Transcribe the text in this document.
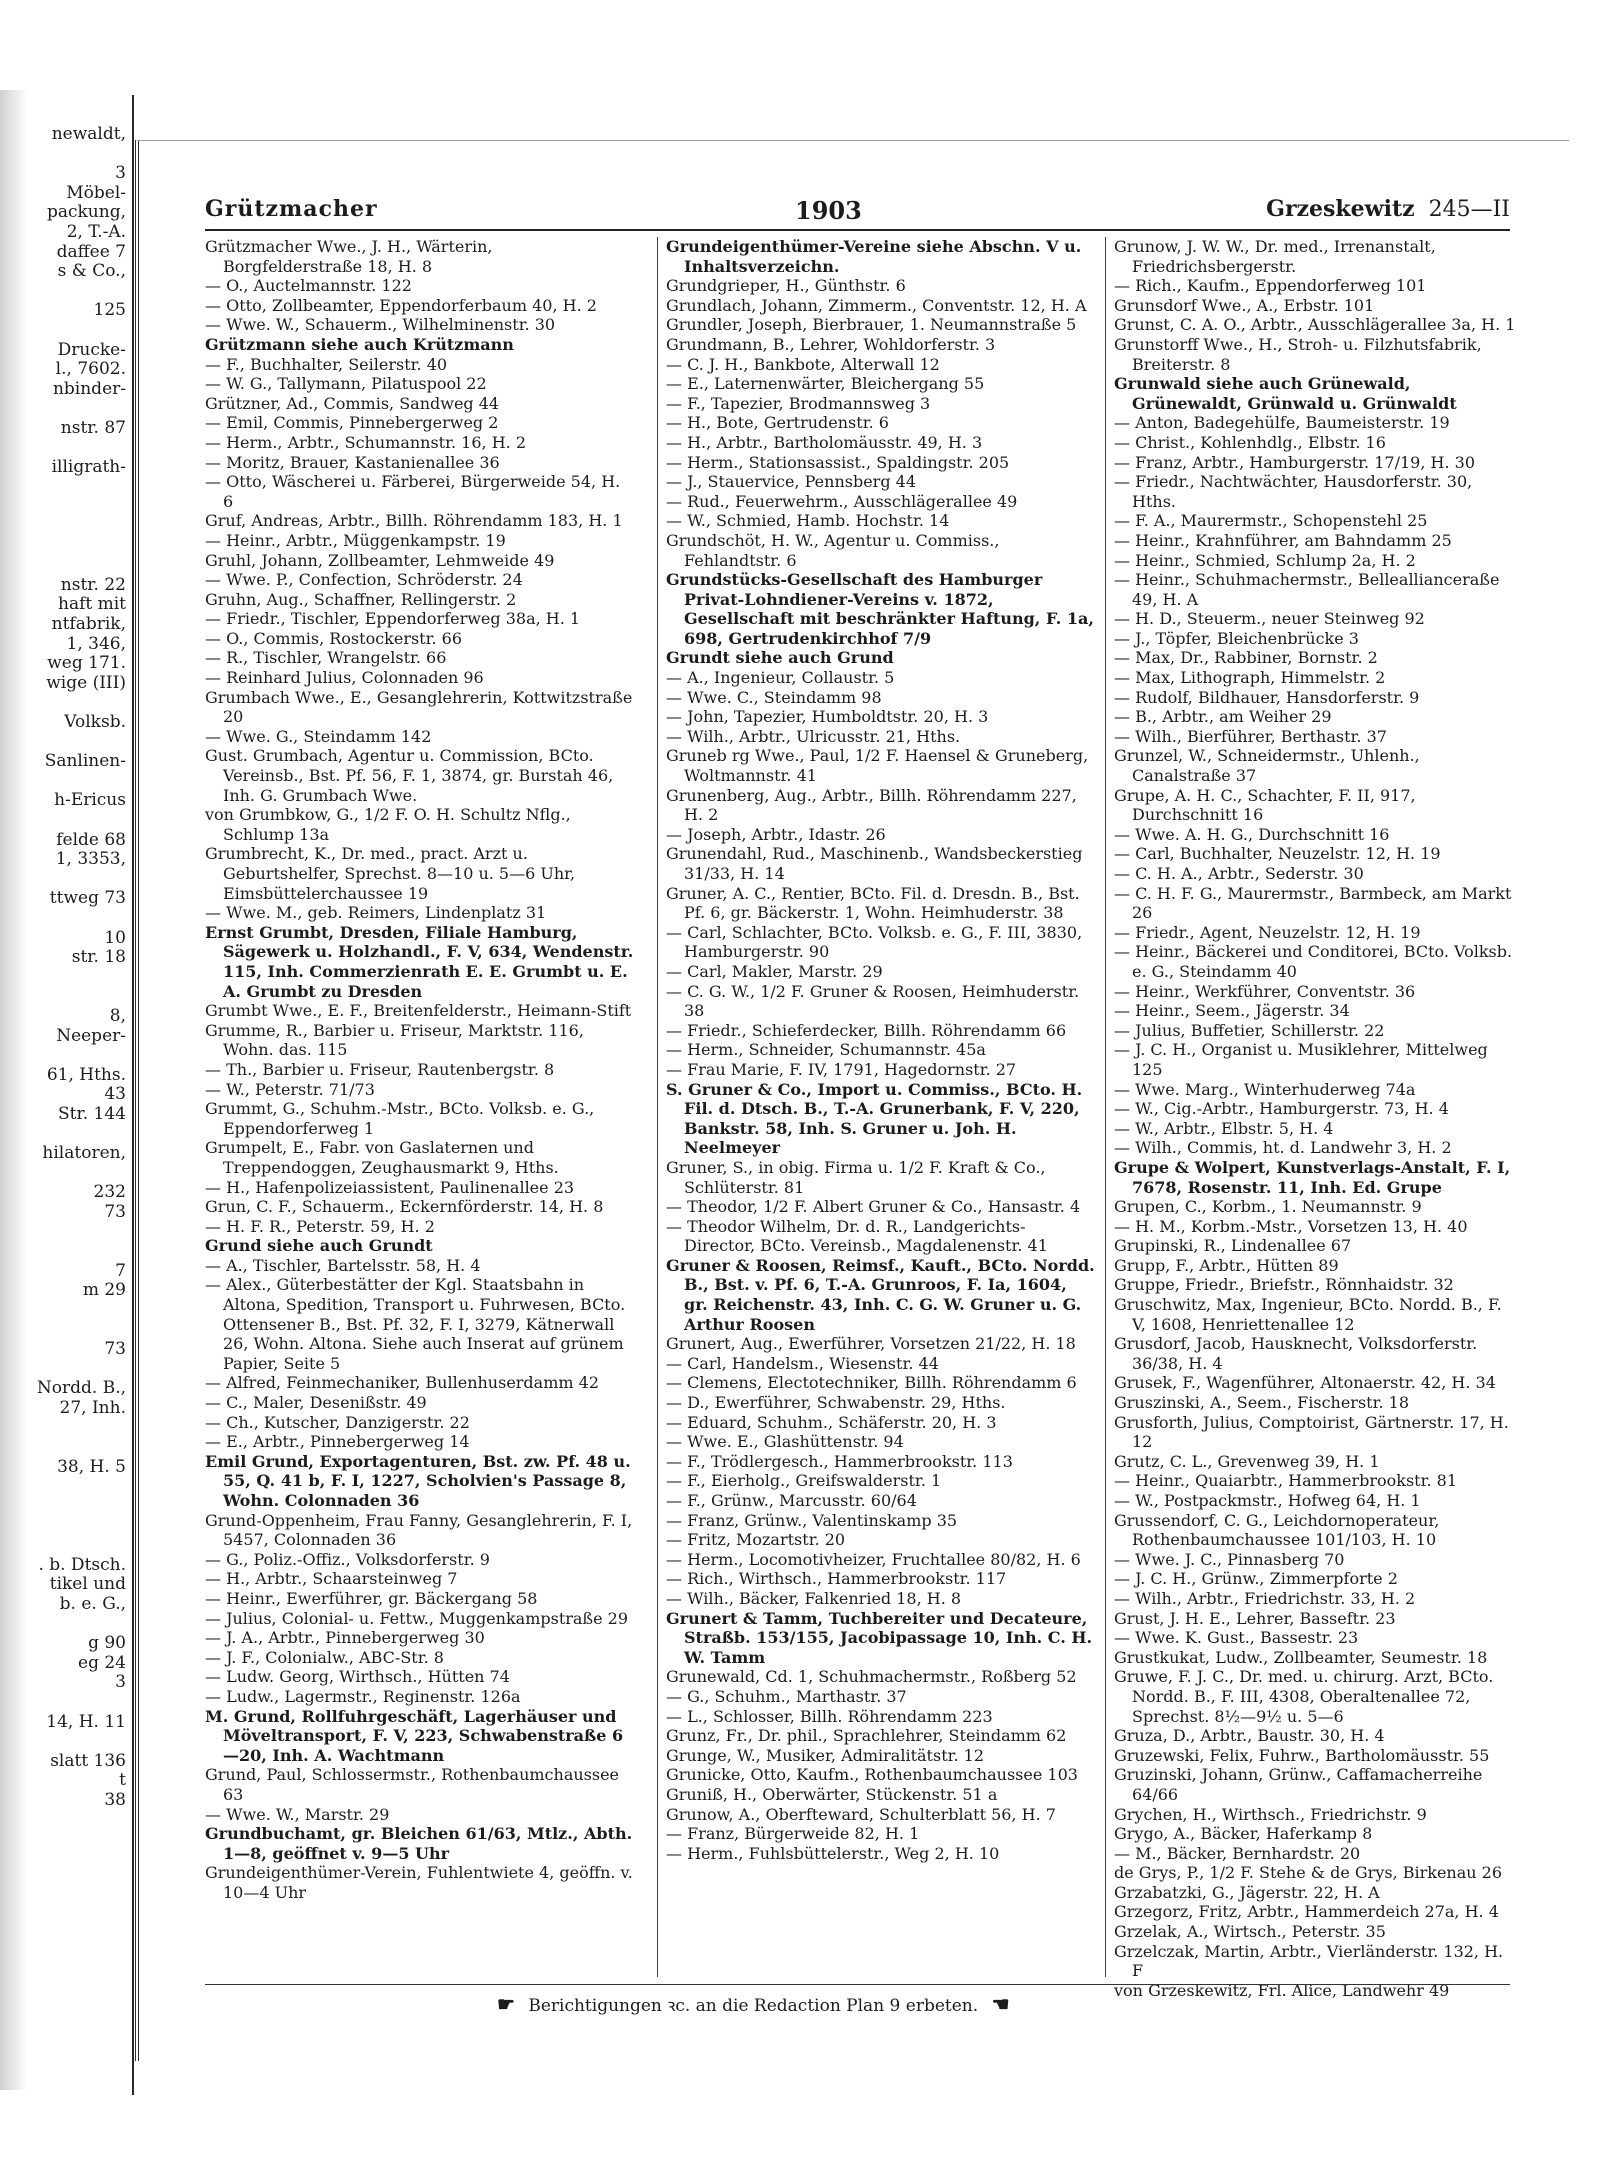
newaldt,
3
Möbel-
packung,
2, T.-A.
daffee 7
s & Co.,
125
Drucke-
l., 7602.
nbinder-
nstr. 87
illigrath-
nstr. 22
haft mit
ntfabrik,
1, 346,
weg 171.
wige (III)
Volksb.
Sanlinen-
h-Ericus
felde 68
1, 3353,
ttweg 73
10
str. 18
8,
Neeper-
61, Hths.
43
Str. 144
hilatoren,
232
73
7
m 29
73
Nordd. B.,
27, Inh.
38, H. 5
. b. Dtsch.
tikel und
b. e. G.,
g 90
eg 24
3
14, H. 11
slatt 136
t
38
Grützmacher	1903	Grzeskewitz 245—II

Grützmacher Wwe., J. H., Wärterin, Borgfelderstraße 18, H. 8

— O., Auctelmannstr. 122

— Otto, Zollbeamter, Eppendorferbaum 40, H. 2

— Wwe. W., Schauerm., Wilhelminenstr. 30

Grützmann siehe auch Krützmann

— F., Buchhalter, Seilerstr. 40

— W. G., Tallymann, Pilatuspool 22

Grützner, Ad., Commis, Sandweg 44

— Emil, Commis, Pinnebergerweg 2

— Herm., Arbtr., Schumannstr. 16, H. 2

— Moritz, Brauer, Kastanienallee 36

— Otto, Wäscherei u. Färberei, Bürgerweide 54, H. 6

Gruf, Andreas, Arbtr., Billh. Röhrendamm 183, H. 1

— Heinr., Arbtr., Müggenkampstr. 19

Gruhl, Johann, Zollbeamter, Lehmweide 49

— Wwe. P., Confection, Schröderstr. 24

Gruhn, Aug., Schaffner, Rellingerstr. 2

— Friedr., Tischler, Eppendorferweg 38a, H. 1

— O., Commis, Rostockerstr. 66

— R., Tischler, Wrangelstr. 66

— Reinhard Julius, Colonnaden 96

Grumbach Wwe., E., Gesanglehrerin, Kottwitzstraße 20

— Wwe. G., Steindamm 142

Gust. Grumbach, Agentur u. Commission, BCto. Vereinsb., Bst. Pf. 56, F. 1, 3874, gr. Burstah 46, Inh. G. Grumbach Wwe.

von Grumbkow, G., 1/2 F. O. H. Schultz Nflg., Schlump 13a

Grumbrecht, K., Dr. med., pract. Arzt u. Geburtshelfer, Sprechst. 8—10 u. 5—6 Uhr, Eimsbüttelerchaussee 19

— Wwe. M., geb. Reimers, Lindenplatz 31

Ernst Grumbt, Dresden, Filiale Hamburg, Sägewerk u. Holzhandl., F. V, 634, Wendenstr. 115, Inh. Commerzienrath E. E. Grumbt u. E. A. Grumbt zu Dresden

Grumbt Wwe., E. F., Breitenfelderstr., Heimann-Stift

Grumme, R., Barbier u. Friseur, Marktstr. 116, Wohn. das. 115

— Th., Barbier u. Friseur, Rautenbergstr. 8

— W., Peterstr. 71/73

Grummt, G., Schuhm.-Mstr., BCto. Volksb. e. G., Eppendorferweg 1

Grumpelt, E., Fabr. von Gaslaternen und Treppendoggen, Zeughausmarkt 9, Hths.

— H., Hafenpolizeiassistent, Paulinenallee 23

Grun, C. F., Schauerm., Eckernförderstr. 14, H. 8

— H. F. R., Peterstr. 59, H. 2

Grund siehe auch Grundt

— A., Tischler, Bartelsstr. 58, H. 4

— Alex., Güterbestätter der Kgl. Staatsbahn in Altona, Spedition, Transport u. Fuhrwesen, BCto. Ottensener B., Bst. Pf. 32, F. I, 3279, Kätnerwall 26, Wohn. Altona. Siehe auch Inserat auf grünem Papier, Seite 5

— Alfred, Feinmechaniker, Bullenhuserdamm 42

— C., Maler, Desenißstr. 49

— Ch., Kutscher, Danzigerstr. 22

— E., Arbtr., Pinnebergerweg 14

Emil Grund, Exportagenturen, Bst. zw. Pf. 48 u. 55, Q. 41 b, F. I, 1227, Scholvien's Passage 8, Wohn. Colonnaden 36

Grund-Oppenheim, Frau Fanny, Gesanglehrerin, F. I, 5457, Colonnaden 36

— G., Poliz.-Offiz., Volksdorferstr. 9

— H., Arbtr., Schaarsteinweg 7

— Heinr., Ewerführer, gr. Bäckergang 58

— Julius, Colonial- u. Fettw., Muggenkampstraße 29

— J. A., Arbtr., Pinnebergerweg 30

— J. F., Colonialw., ABC-Str. 8

— Ludw. Georg, Wirthsch., Hütten 74

— Ludw., Lagermstr., Reginenstr. 126a

M. Grund, Rollfuhrgeschäft, Lagerhäuser und Möveltransport, F. V, 223, Schwabenstraße 6—20, Inh. A. Wachtmann

Grund, Paul, Schlossermstr., Rothenbaumchaussee 63

— Wwe. W., Marstr. 29

Grundbuchamt, gr. Bleichen 61/63, Mtlz., Abth. 1—8, geöffnet v. 9—5 Uhr

Grundeigenthümer-Verein, Fuhlentwiete 4, geöffn. v. 10—4 Uhr

Grundeigenthümer-Vereine siehe Abschn. V u. Inhaltsverzeichn.

Grundgrieper, H., Günthstr. 6

Grundlach, Johann, Zimmerm., Conventstr. 12, H. A

Grundler, Joseph, Bierbrauer, 1. Neumannstraße 5

Grundmann, B., Lehrer, Wohldorferstr. 3

— C. J. H., Bankbote, Alterwall 12

— E., Laternenwärter, Bleichergang 55

— F., Tapezier, Brodmannsweg 3

— H., Bote, Gertrudenstr. 6

— H., Arbtr., Bartholomäusstr. 49, H. 3

— Herm., Stationsassist., Spaldingstr. 205

— J., Stauervice, Pennsberg 44

— Rud., Feuerwehrm., Ausschlägerallee 49

— W., Schmied, Hamb. Hochstr. 14

Grundschöt, H. W., Agentur u. Commiss., Fehlandtstr. 6

Grundstücks-Gesellschaft des Hamburger Privat-Lohndiener-Vereins v. 1872, Gesellschaft mit beschränkter Haftung, F. 1a, 698, Gertrudenkirchhof 7/9

Grundt siehe auch Grund

— A., Ingenieur, Collaustr. 5

— Wwe. C., Steindamm 98

— John, Tapezier, Humboldtstr. 20, H. 3

— Wilh., Arbtr., Ulricusstr. 21, Hths.

Gruneb rg Wwe., Paul, 1/2 F. Haensel & Gruneberg, Woltmannstr. 41

Grunenberg, Aug., Arbtr., Billh. Röhrendamm 227, H. 2

— Joseph, Arbtr., Idastr. 26

Grunendahl, Rud., Maschinenb., Wandsbeckerstieg 31/33, H. 14

Gruner, A. C., Rentier, BCto. Fil. d. Dresdn. B., Bst. Pf. 6, gr. Bäckerstr. 1, Wohn. Heimhuderstr. 38

— Carl, Schlachter, BCto. Volksb. e. G., F. III, 3830, Hamburgerstr. 90

— Carl, Makler, Marstr. 29

— C. G. W., 1/2 F. Gruner & Roosen, Heimhuderstr. 38

— Friedr., Schieferdecker, Billh. Röhrendamm 66

— Herm., Schneider, Schumannstr. 45a

— Frau Marie, F. IV, 1791, Hagedornstr. 27

S. Gruner & Co., Import u. Commiss., BCto. H. Fil. d. Dtsch. B., T.-A. Grunerbank, F. V, 220, Bankstr. 58, Inh. S. Gruner u. Joh. H. Neelmeyer

Gruner, S., in obig. Firma u. 1/2 F. Kraft & Co., Schlüterstr. 81

— Theodor, 1/2 F. Albert Gruner & Co., Hansastr. 4

— Theodor Wilhelm, Dr. d. R., Landgerichts-Director, BCto. Vereinsb., Magdalenenstr. 41

Gruner & Roosen, Reimsf., Kauft., BCto. Nordd. B., Bst. v. Pf. 6, T.-A. Grunroos, F. Ia, 1604, gr. Reichenstr. 43, Inh. C. G. W. Gruner u. G. Arthur Roosen

Grunert, Aug., Ewerführer, Vorsetzen 21/22, H. 18

— Carl, Handelsm., Wiesenstr. 44

— Clemens, Electotechniker, Billh. Röhrendamm 6

— D., Ewerführer, Schwabenstr. 29, Hths.

— Eduard, Schuhm., Schäferstr. 20, H. 3

— Wwe. E., Glashüttenstr. 94

— F., Trödlergesch., Hammerbrookstr. 113

— F., Eierholg., Greifswalderstr. 1

— F., Grünw., Marcusstr. 60/64

— Franz, Grünw., Valentinskamp 35

— Fritz, Mozartstr. 20

— Herm., Locomotivheizer, Fruchtallee 80/82, H. 6

— Rich., Wirthsch., Hammerbrookstr. 117

— Wilh., Bäcker, Falkenried 18, H. 8

Grunert & Tamm, Tuchbereiter und Decateure, Straßb. 153/155, Jacobipassage 10, Inh. C. H. W. Tamm

Grunewald, Cd. 1, Schuhmachermstr., Roßberg 52

— G., Schuhm., Marthastr. 37

— L., Schlosser, Billh. Röhrendamm 223

Grunz, Fr., Dr. phil., Sprachlehrer, Steindamm 62

Grunge, W., Musiker, Admiralitätstr. 12

Grunicke, Otto, Kaufm., Rothenbaumchaussee 103

Gruniß, H., Oberwärter, Stückenstr. 51 a

Grunow, A., Oberfteward, Schulterblatt 56, H. 7

— Franz, Bürgerweide 82, H. 1

— Herm., Fuhlsbüttelerstr., Weg 2, H. 10

Grunow, J. W. W., Dr. med., Irrenanstalt, Friedrichsbergerstr.

— Rich., Kaufm., Eppendorferweg 101

Grunsdorf Wwe., A., Erbstr. 101

Grunst, C. A. O., Arbtr., Ausschlägerallee 3a, H. 1

Grunstorff Wwe., H., Stroh- u. Filzhutsfabrik, Breiterstr. 8

Grunwald siehe auch Grünewald, Grünewaldt, Grünwald u. Grünwaldt

— Anton, Badegehülfe, Baumeisterstr. 19

— Christ., Kohlenhdlg., Elbstr. 16

— Franz, Arbtr., Hamburgerstr. 17/19, H. 30

— Friedr., Nachtwächter, Hausdorferstr. 30, Hths.

— F. A., Maurermstr., Schopenstehl 25

— Heinr., Krahnführer, am Bahndamm 25

— Heinr., Schmied, Schlump 2a, H. 2

— Heinr., Schuhmachermstr., Belleallianceraße 49, H. A

— H. D., Steuerm., neuer Steinweg 92

— J., Töpfer, Bleichenbrücke 3

— Max, Dr., Rabbiner, Bornstr. 2

— Max, Lithograph, Himmelstr. 2

— Rudolf, Bildhauer, Hansdorferstr. 9

— B., Arbtr., am Weiher 29

— Wilh., Bierführer, Berthastr. 37

Grunzel, W., Schneidermstr., Uhlenh., Canalstraße 37

Grupe, A. H. C., Schachter, F. II, 917, Durchschnitt 16

— Wwe. A. H. G., Durchschnitt 16

— Carl, Buchhalter, Neuzelstr. 12, H. 19

— C. H. A., Arbtr., Sederstr. 30

— C. H. F. G., Maurermstr., Barmbeck, am Markt 26

— Friedr., Agent, Neuzelstr. 12, H. 19

— Heinr., Bäckerei und Conditorei, BCto. Volksb. e. G., Steindamm 40

— Heinr., Werkführer, Conventstr. 36

— Heinr., Seem., Jägerstr. 34

— Julius, Buffetier, Schillerstr. 22

— J. C. H., Organist u. Musiklehrer, Mittelweg 125

— Wwe. Marg., Winterhuderweg 74a

— W., Cig.-Arbtr., Hamburgerstr. 73, H. 4

— W., Arbtr., Elbstr. 5, H. 4

— Wilh., Commis, ht. d. Landwehr 3, H. 2

Grupe & Wolpert, Kunstverlags-Anstalt, F. I, 7678, Rosenstr. 11, Inh. Ed. Grupe

Grupen, C., Korbm., 1. Neumannstr. 9

— H. M., Korbm.-Mstr., Vorsetzen 13, H. 40

Grupinski, R., Lindenallee 67

Grupp, F., Arbtr., Hütten 89

Gruppe, Friedr., Briefstr., Rönnhaidstr. 32

Gruschwitz, Max, Ingenieur, BCto. Nordd. B., F. V, 1608, Henriettenallee 12

Grusdorf, Jacob, Hausknecht, Volksdorferstr. 36/38, H. 4

Grusek, F., Wagenführer, Altonaerstr. 42, H. 34

Gruszinski, A., Seem., Fischerstr. 18

Grusforth, Julius, Comptoirist, Gärtnerstr. 17, H. 12

Grutz, C. L., Grevenweg 39, H. 1

— Heinr., Quaiarbtr., Hammerbrookstr. 81

— W., Postpackmstr., Hofweg 64, H. 1

Grussendorf, C. G., Leichdornoperateur, Rothenbaumchaussee 101/103, H. 10

— Wwe. J. C., Pinnasberg 70

— J. C. H., Grünw., Zimmerpforte 2

— Wilh., Arbtr., Friedrichstr. 33, H. 2

Grust, J. H. E., Lehrer, Basseftr. 23

— Wwe. K. Gust., Bassestr. 23

Grustkukat, Ludw., Zollbeamter, Seumestr. 18

Gruwe, F. J. C., Dr. med. u. chirurg. Arzt, BCto. Nordd. B., F. III, 4308, Oberaltenallee 72, Sprechst. 8½—9½ u. 5—6

Gruza, D., Arbtr., Baustr. 30, H. 4

Gruzewski, Felix, Fuhrw., Bartholomäusstr. 55

Gruzinski, Johann, Grünw., Caffamacherreihe 64/66

Grychen, H., Wirthsch., Friedrichstr. 9

Grygo, A., Bäcker, Haferkamp 8

— M., Bäcker, Bernhardstr. 20

de Grys, P., 1/2 F. Stehe & de Grys, Birkenau 26

Grzabatzki, G., Jägerstr. 22, H. A

Grzegorz, Fritz, Arbtr., Hammerdeich 27a, H. 4

Grzelak, A., Wirtsch., Peterstr. 35

Grzelczak, Martin, Arbtr., Vierländerstr. 132, H. F

von Grzeskewitz, Frl. Alice, Landwehr 49

☛ Berichtigungen ꝛc. an die Redaction Plan 9 erbeten. ☚
